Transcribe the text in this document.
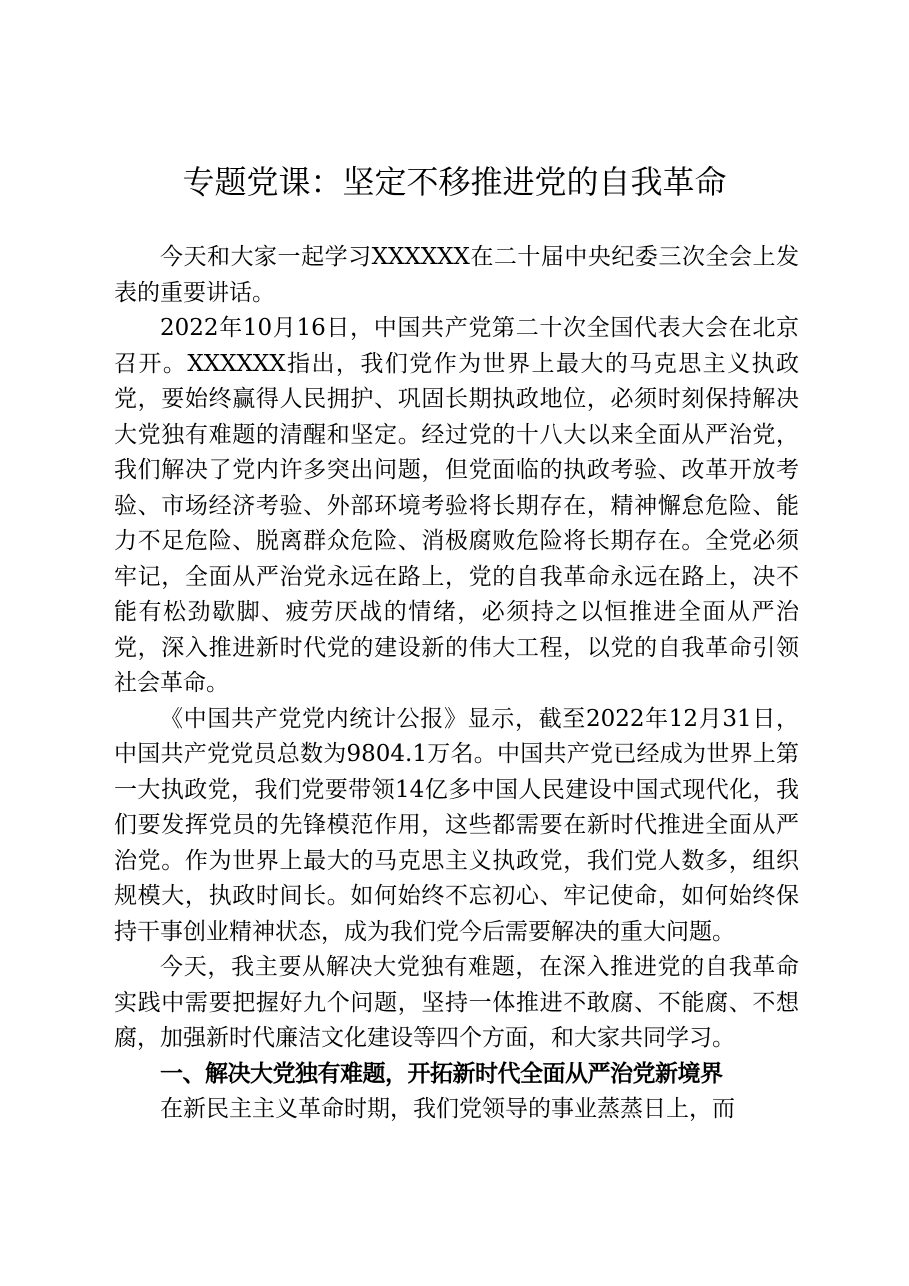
专题党课：坚定不移推进党的自我革命

今天和大家一起学习XXXXXX在二十届中央纪委三次全会上发表的重要讲话。

2022年10月16日，中国共产党第二十次全国代表大会在北京召开。XXXXXX指出，我们党作为世界上最大的马克思主义执政党，要始终赢得人民拥护、巩固长期执政地位，必须时刻保持解决大党独有难题的清醒和坚定。经过党的十八大以来全面从严治党，我们解决了党内许多突出问题，但党面临的执政考验、改革开放考验、市场经济考验、外部环境考验将长期存在，精神懈怠危险、能力不足危险、脱离群众危险、消极腐败危险将长期存在。全党必须牢记，全面从严治党永远在路上，党的自我革命永远在路上，决不能有松劲歇脚、疲劳厌战的情绪，必须持之以恒推进全面从严治党，深入推进新时代党的建设新的伟大工程，以党的自我革命引领社会革命。

《中国共产党党内统计公报》显示，截至2022年12月31日，中国共产党党员总数为9804.1万名。中国共产党已经成为世界上第一大执政党，我们党要带领14亿多中国人民建设中国式现代化，我们要发挥党员的先锋模范作用，这些都需要在新时代推进全面从严治党。作为世界上最大的马克思主义执政党，我们党人数多，组织规模大，执政时间长。如何始终不忘初心、牢记使命，如何始终保持干事创业精神状态，成为我们党今后需要解决的重大问题。

今天，我主要从解决大党独有难题，在深入推进党的自我革命实践中需要把握好九个问题，坚持一体推进不敢腐、不能腐、不想腐，加强新时代廉洁文化建设等四个方面，和大家共同学习。

一、解决大党独有难题，开拓新时代全面从严治党新境界

在新民主主义革命时期，我们党领导的事业蒸蒸日上，而
